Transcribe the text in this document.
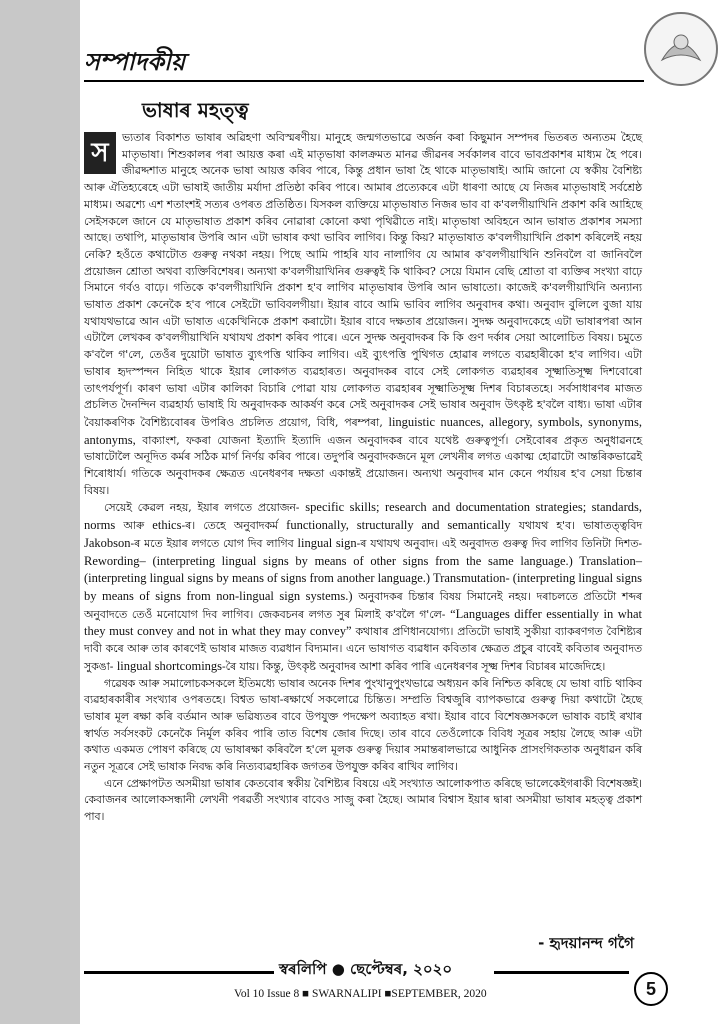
সম্পাদকীয়
ভাষাৰ মহত্ত্ব

স
ভ্যতাৰ বিকাশত ভাষাৰ অৱিহণা অবিস্মৰণীয়। মানুহে জন্মগতভাৱে অৰ্জন কৰা কিছুমান সম্পদৰ ভিতৰত অন্যতম হৈছে মাতৃভাষা। শিশুকালৰ পৰা আয়ত্ত কৰা এই মাতৃভাষা কালক্ৰমত মানৱ জীৱনৰ সৰ্বকালৰ বাবে ভাবপ্ৰকাশৰ মাধ্যম হৈ পৰে। জীৱদ্দশাত মানুহে অনেক ভাষা আয়ত্ত কৰিব পাৰে, কিন্তু প্ৰধান ভাষা হৈ থাকে মাতৃভাষাই। আমি জানো যে স্বকীয় বৈশিষ্ট্য আৰু ঐতিহ্যৰেহে এটা ভাষাই জাতীয় মৰ্যাদা প্ৰতিষ্ঠা কৰিব পাৰে। আমাৰ প্ৰত্যেকৰে এটা ধাৰণা আছে যে নিজৰ মাতৃভাষাই সৰ্বশ্ৰেষ্ঠ মাধ্যম। অৱশ্যে এশ শতাংশই সত্যৰ ওপৰত প্ৰতিষ্ঠিত। যিসকল ব্যক্তিয়ে মাতৃভাষাত নিজৰ ভাব বা ক'বলগীয়াখিনি প্ৰকাশ কৰি আহিছে সেইসকলে জানে যে মাতৃভাষাত প্ৰকাশ কৰিব নোৱাৰা কোনো কথা পৃথিৱীতে নাই। মাতৃভাষা অবিহনে আন ভাষাত প্ৰকাশৰ সমস্যা আছে। তথাপি, মাতৃভাষাৰ উপৰি আন এটা ভাষাৰ কথা ভাবিব লাগিব। কিন্তু কিয়? মাতৃভাষাত ক'বলগীয়াখিনি প্ৰকাশ কৰিলেই নহয় নেকি? হওঁতে কথাটোত গুৰুত্ব নথকা নহয়। পিছে আমি পাহৰি যাব নালাগিব যে আমাৰ ক'বলগীয়াখিনি শুনিবলৈ বা জানিবলৈ প্ৰয়োজন শ্ৰোতা অথবা ব্যক্তিবিশেষৰ। অন্যথা ক'বলগীয়াখিনিৰ গুৰুত্বই কি থাকিব? সেয়ে যিমান বেছি শ্ৰোতা বা ব্যক্তিৰ সংখ্যা বাঢ়ে সিমানে গৰ্বও বাঢ়ে। গতিকে ক'বলগীয়াখিনি প্ৰকাশ হ'ব লাগিব মাতৃভাষাৰ উপৰি আন ভাষাতো। কাজেই ক'বলগীয়াখিনি অন্যান্য ভাষাত প্ৰকাশ কেনেকৈ হ'ব পাৰে সেইটো ভাবিবলগীয়া। ইয়াৰ বাবে আমি ভাবিব লাগিব অনুবাদৰ কথা। অনুবাদ বুলিলে বুজা যায় যথাযথভাৱে আন এটা ভাষাত একেখিনিকে প্ৰকাশ কৰাটো। ইয়াৰ বাবে দক্ষতাৰ প্ৰয়োজন। সুদক্ষ অনুবাদকেহে এটা ভাষাৰপৰা আন এটালৈ লেখকৰ ক'বলগীয়াখিনি যথাযথ প্ৰকাশ কৰিব পাৰে। এনে সুদক্ষ অনুবাদকৰ কি কি গুণ দৰ্কাৰ সেয়া আলোচিত বিষয়। চমুতে ক'বলৈ গ'লে, তেওঁৰ দুয়োটা ভাষাত ব্যুৎপত্তি থাকিব লাগিব। এই ব্যুৎপত্তি পুথিগত হোৱাৰ লগতে ব্যৱহাৰীকো হ'ব লাগিব। এটা ভাষাৰ হৃদস্পন্দন নিহিত থাকে ইয়াৰ লোকগত ব্যৱহাৰত। অনুবাদকৰ বাবে সেই লোকগত ব্যৱহাৰৰ সূক্ষ্মাতিসূক্ষ্ম দিশবোৰো তাৎপৰ্যপূৰ্ণ। কাৰণ ভাষা এটাৰ কালিকা বিচাৰি পোৱা যায় লোকগত ব্যৱহাৰৰ সূক্ষ্মাতিসূক্ষ্ম দিশৰ বিচাৰতহে। সৰ্বসাধাৰণৰ মাজত প্ৰচলিত দৈনন্দিন ব্যৱহাৰ্য্য ভাষাই যি অনুবাদকক আকৰ্ষণ কৰে সেই অনুবাদকৰ সেই ভাষাৰ অনুবাদ উৎকৃষ্ট হ'বলৈ বাধ্য। ভাষা এটাৰ বৈয়াকৰণিক বৈশিষ্ট্যবোৰৰ উপৰিও প্ৰচলিত প্ৰয়োগ, বিধি, পৰম্পৰা, linguistic nuances, allegory, symbols, synonyms, antonyms, বাক্যাংশ, ফকৰা যোজনা ইত্যাদি ইত্যাদি এজন অনুবাদকৰ বাবে যথেষ্ট গুৰুত্বপূৰ্ণ। সেইবোৰৰ প্ৰকৃত অনুধাৱনহে ভাষাটোলৈ অনূদিত কৰ্মৰ সঠিক মাৰ্গ নিৰ্ণয় কৰিব পাৰে। তদুপৰি অনুবাদকজনে মূল লেখনীৰ লগত একাত্ম হোৱাটো আন্তৰিকভাৱেই শিৰোধাৰ্য। গতিকে অনুবাদকৰ ক্ষেত্ৰত এনেধৰণৰ দক্ষতা একান্তই প্ৰয়োজন। অন্যথা অনুবাদৰ মান কেনে পৰ্যায়ৰ হ'ব সেয়া চিন্তাৰ বিষয়।

সেয়েই কেৱল নহয়, ইয়াৰ লগতে প্ৰয়োজন- specific skills; research and documentation strategies; standards, norms আৰু ethics-ৰ। তেহে অনুবাদকৰ্ম functionally, structurally and semantically যথাযথ হ'ব। ভাষাতত্ত্ববিদ Jakobson-ৰ মতে ইয়াৰ লগতে যোগ দিব লাগিব lingual sign-ৰ যথাযথ অনুবাদ। এই অনুবাদত গুৰুত্ব দিব লাগিব তিনিটা দিশত- Rewording– (interpreting lingual signs by means of other signs from the same language.) Translation– (interpreting lingual signs by means of signs from another language.) Transmutation- (interpreting lingual signs by means of signs from non-lingual sign systems.) অনুবাদকৰ চিন্তাৰ বিষয় সিমানেই নহয়। দৰাচলতে প্ৰতিটো শব্দৰ অনুবাদতে তেওঁ মনোযোগ দিব লাগিব। জেকবচনৰ লগত সুৰ মিলাই ক'বলৈ গ'লে- “Languages differ essentially in what they must convey and not in what they may convey” কথাষাৰ প্ৰণিধানযোগ্য। প্ৰতিটো ভাষাই সুকীয়া ব্যাকৰণগত বৈশিষ্ট্যৰ দাবী কৰে আৰু তাৰ কাৰণেই ভাষাৰ মাজত ব্যৱধান বিদ্যমান। এনে ভাষাগত ব্যৱধান কবিতাৰ ক্ষেত্ৰত প্ৰচুৰ বাবেই কবিতাৰ অনুবাদত সুকঙা- lingual shortcomings-ৰৈ যায়। কিন্তু, উৎকৃষ্ট অনুবাদৰ আশা কৰিব পাৰি এনেধৰণৰ সূক্ষ্ম দিশৰ বিচাৰৰ মাজেদিহে।

গৱেষক আৰু সমালোচকসকলে ইতিমধ্যে ভাষাৰ অনেক দিশৰ পুংখানুপুংখভাৱে অধ্যয়ন কৰি নিশ্চিত কৰিছে যে ভাষা বাচি থাকিব ব্যৱহাৰকাৰীৰ সংখ্যাৰ ওপৰতহে। বিশ্বত ভাষা-ৰক্ষাৰ্থে সকলোৱে চিন্তিত। সম্প্ৰতি বিশ্বজুৰি ব্যাপকভাৱে গুৰুত্ব দিয়া কথাটো হৈছে ভাষাৰ মূল ৰক্ষা কৰি বৰ্তমান আৰু ভৱিষ্যতৰ বাবে উপযুক্ত পদক্ষেপ অব্যাহত ৰখা। ইয়াৰ বাবে বিশেষজ্ঞসকলে ভাষাক বচাই ৰখাৰ স্বাৰ্থত সৰ্বসংকট কেনেকৈ নিৰ্মূল কৰিব পাৰি তাত বিশেষ জোৰ দিছে। তাৰ বাবে তেওঁলোকে বিবিধ সূত্ৰৰ সহায় লৈছে আৰু এটা কথাত একমত পোষণ কৰিছে যে ভাষাৰক্ষা কৰিবলৈ হ'লে মূলক গুৰুত্ব দিয়াৰ সমান্তৰালভাৱে আধুনিক প্ৰাসংগিকতাক অনুধাৱন কৰি নতুন সূত্ৰৰে সেই ভাষাক নিবদ্ধ কৰি নিত্যব্যৱহাৰিক জগতৰ উপযুক্ত কৰিব ৰাখিব লাগিব।

এনে প্ৰেক্ষাপটত অসমীয়া ভাষাৰ কেতবোৰ স্বকীয় বৈশিষ্ট্যৰ বিষয়ে এই সংখ্যাত আলোকপাত কৰিছে ভালেকেইগৰাকী বিশেষজ্ঞই। কেবাজনৰ আলোকসন্ধানী লেখনী পৰৱৰ্তী সংখ্যাৰ বাবেও সাজু কৰা হৈছে। আমাৰ বিশ্বাস ইয়াৰ দ্বাৰা অসমীয়া ভাষাৰ মহত্ত্ব প্ৰকাশ পাব।

- হৃদয়ানন্দ গগৈ
স্বৰলিপি ● ছেপ্টেম্বৰ, ২০২০
Vol 10 Issue 8 ■ SWARNALIPI ■SEPTEMBER, 2020	5
